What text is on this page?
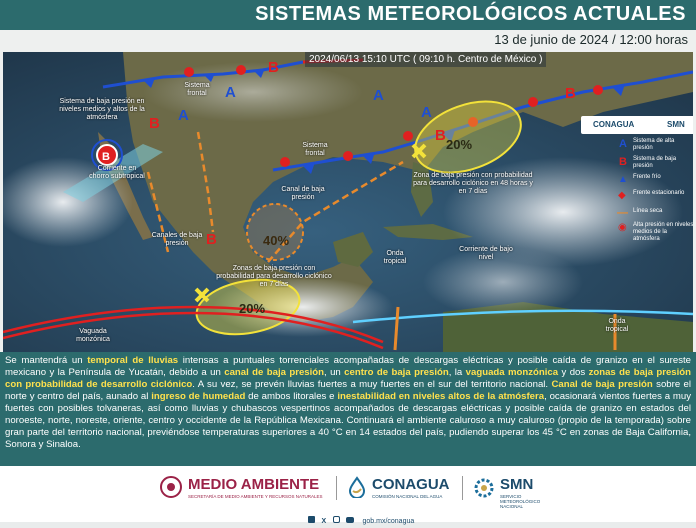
SISTEMAS METEOROLÓGICOS ACTUALES
13 de junio de 2024 / 12:00 horas
A	A
A	A
B
B
B
B
B
B
20%
40%
20%
2024/06/13 15:10 UTC ( 09:10 h. Centro de México )
Sistema de baja presión en niveles medios y altos de la atmósfera
Corriente en chorro subtropical
Sistema frontal
Sistema frontal
Canal de baja presión
Canales de baja presión
Zona de baja presión con probabilidad para desarrollo ciclónico en 48 horas y en 7 días
Zonas de baja presión con probabilidad para desarrollo ciclónico en 7 días
Onda tropical
Corriente de bajo nivel
Onda tropical
Vaguada monzónica
CONAGUA	SMN
A Sistema de alta presión
B Sistema de baja presión
▲ Frente frío
◆ Frente estacionario
— Línea seca
◉ Alta presión en niveles medios de la atmósfera

Se mantendrá un temporal de lluvias intensas a puntuales torrenciales acompañadas de descargas eléctricas y posible caída de granizo en el sureste mexicano y la Península de Yucatán, debido a un canal de baja presión, un centro de baja presión, la vaguada monzónica y dos zonas de baja presión con probabilidad de desarrollo ciclónico. A su vez, se prevén lluvias fuertes a muy fuertes en el sur del territorio nacional. Canal de baja presión sobre el norte y centro del país, aunado al ingreso de humedad de ambos litorales e inestabilidad en niveles altos de la atmósfera, ocasionará vientos fuertes a muy fuertes con posibles tolvaneras, así como lluvias y chubascos vespertinos acompañados de descargas eléctricas y posible caída de granizo en estados del noroeste, norte, noreste, oriente, centro y occidente de la República Mexicana. Continuará el ambiente caluroso a muy caluroso (propio de la temporada) sobre gran parte del territorio nacional, previéndose temperaturas superiores a 40 °C en 14 estados del país, pudiendo superar los 45 °C en zonas de Baja California, Sonora y Sinaloa.

MEDIO AMBIENTE
SECRETARÍA DE MEDIO AMBIENTE Y RECURSOS NATURALES
CONAGUA
COMISIÓN NACIONAL DEL AGUA
SMN
SERVICIO METEOROLÓGICO NACIONAL
X	gob.mx/conagua
